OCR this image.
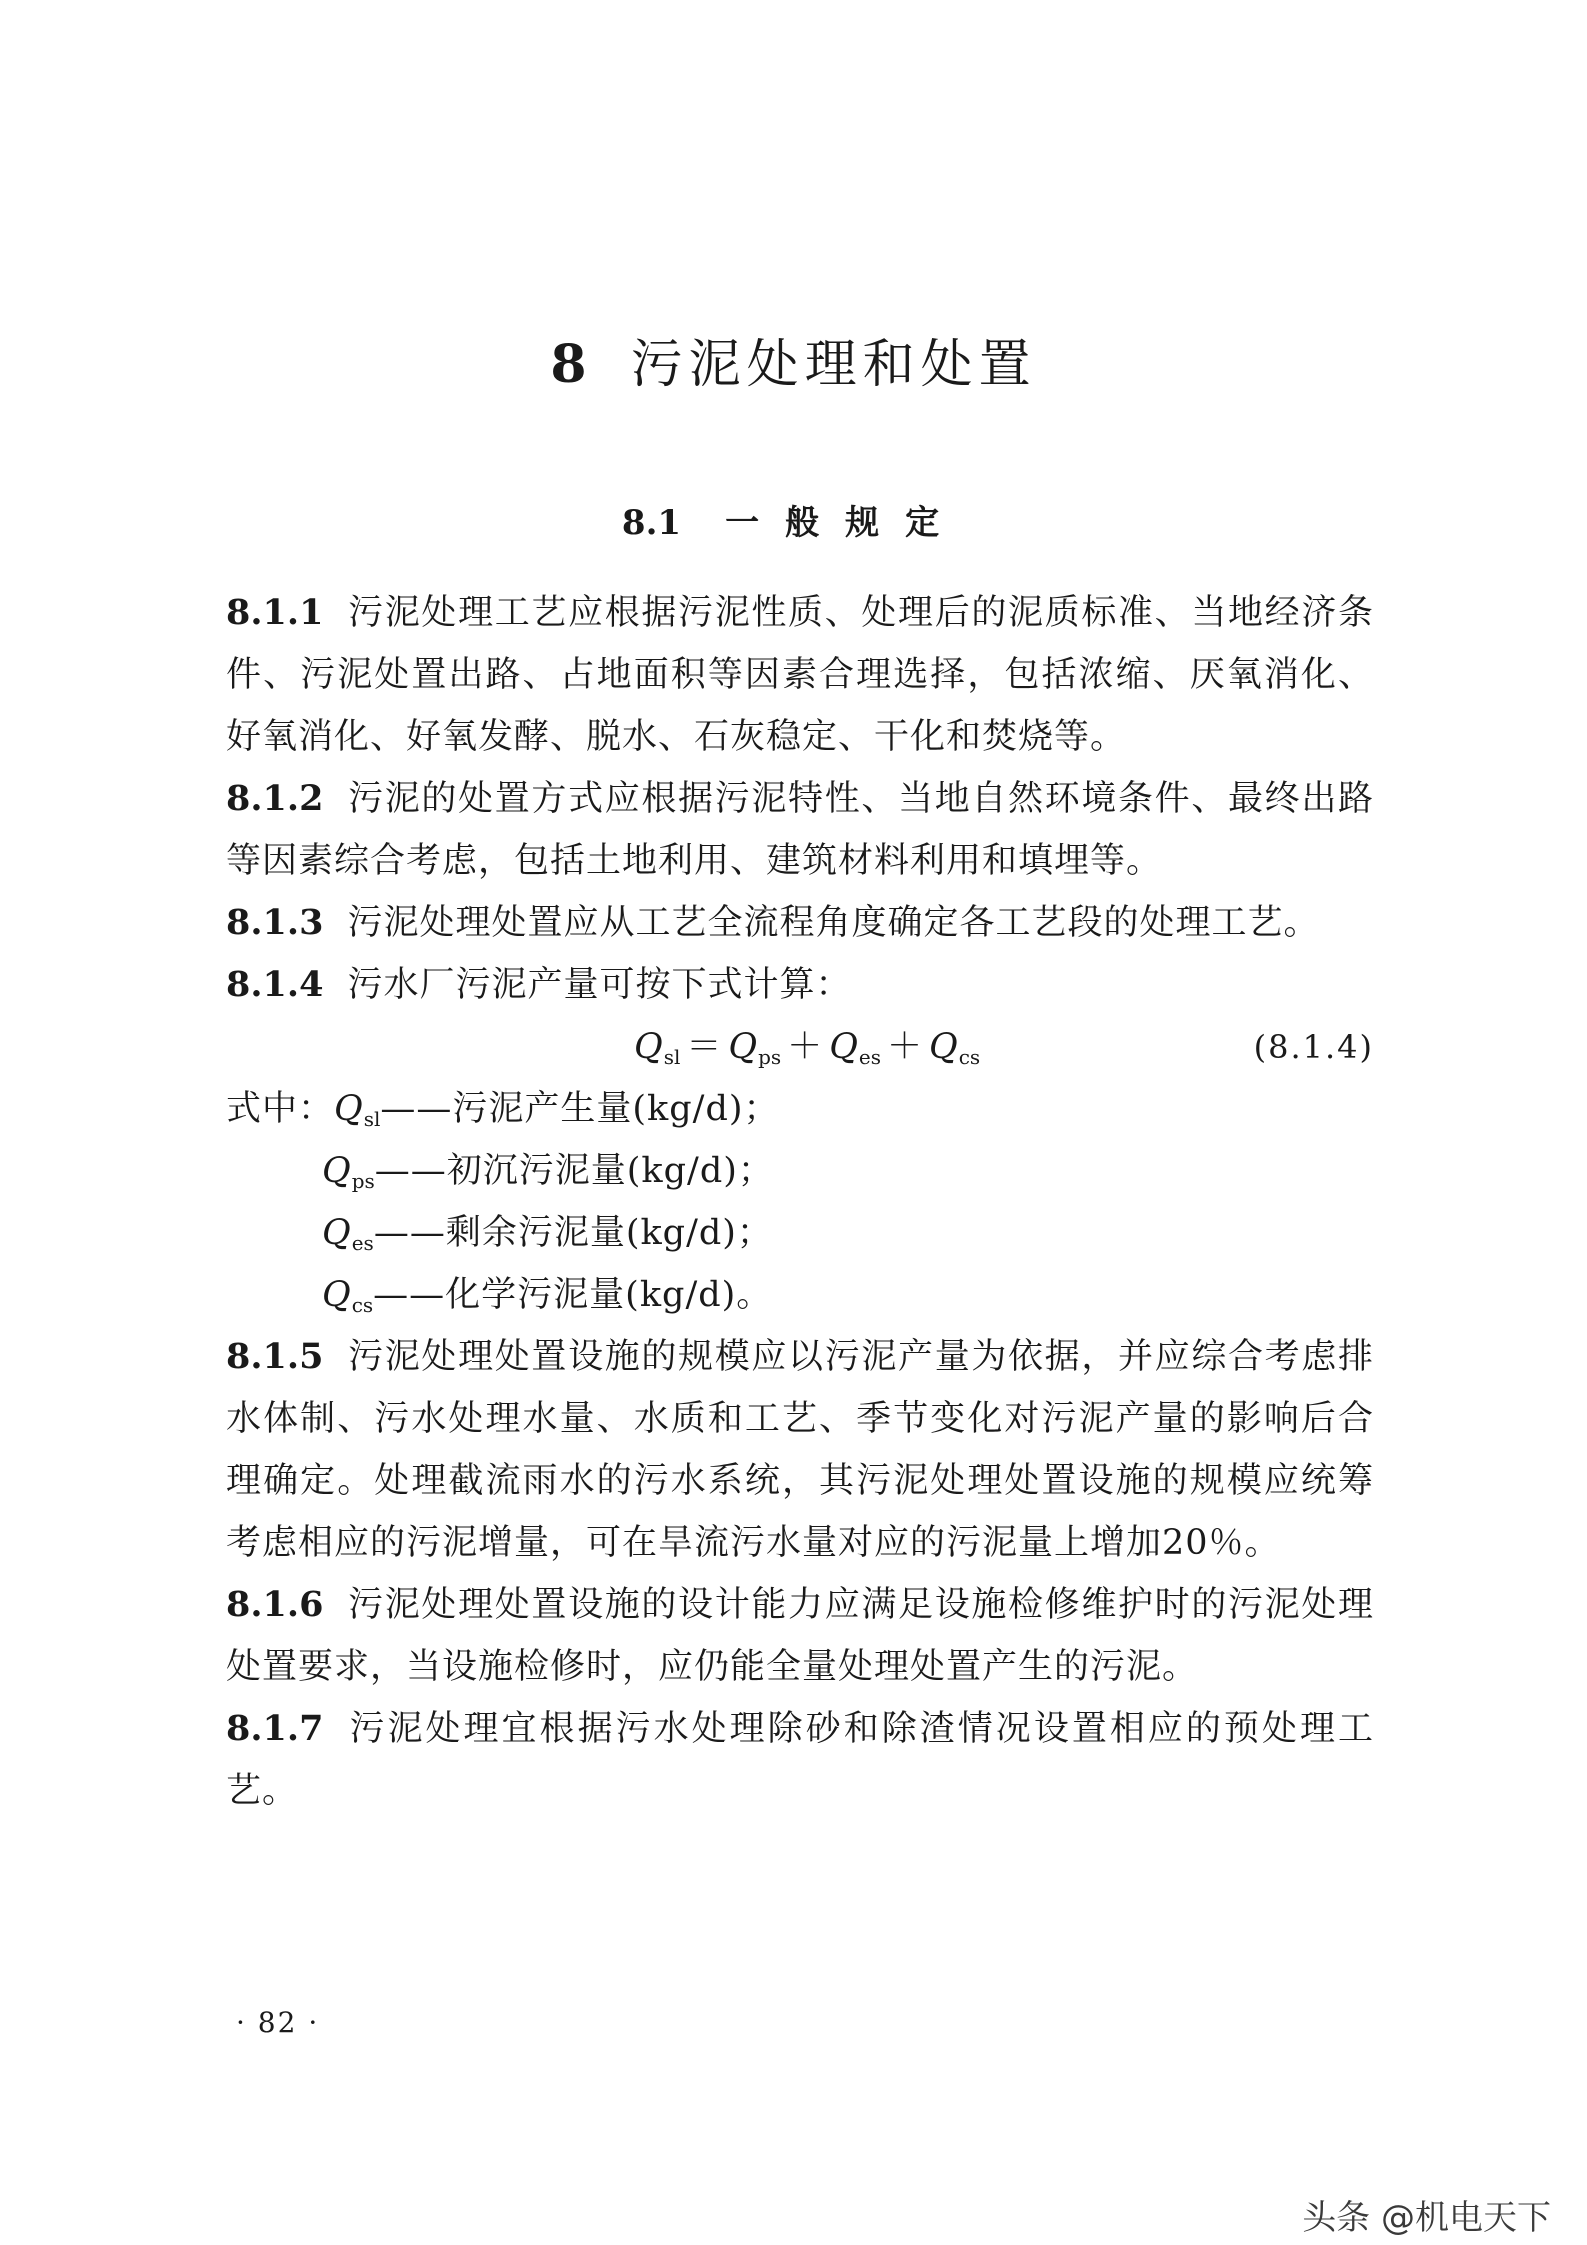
8 污泥处理和处置
8.1 一般规定

8.1.1 污泥处理工艺应根据污泥性质、处理后的泥质标准、当地经济条件、污泥处置出路、占地面积等因素合理选择，包括浓缩、厌氧消化、好氧消化、好氧发酵、脱水、石灰稳定、干化和焚烧等。

8.1.2 污泥的处置方式应根据污泥特性、当地自然环境条件、最终出路等因素综合考虑，包括土地利用、建筑材料利用和填埋等。

8.1.3 污泥处理处置应从工艺全流程角度确定各工艺段的处理工艺。

8.1.4 污水厂污泥产量可按下式计算：

$Q_{sl} = Q_{ps} + Q_{es} + Q_{cs}$	(8.1.4)

式中：$Q_{sl}——$污泥产生量(kg/d)；

$Q_{ps}——$初沉污泥量(kg/d)；

$Q_{es}——$剩余污泥量(kg/d)；

$Q_{cs}——$化学污泥量(kg/d)。

8.1.5 污泥处理处置设施的规模应以污泥产量为依据，并应综合考虑排水体制、污水处理水量、水质和工艺、季节变化对污泥产量的影响后合理确定。处理截流雨水的污水系统，其污泥处理处置设施的规模应统筹考虑相应的污泥增量，可在旱流污水量对应的污泥量上增加20％。

8.1.6 污泥处理处置设施的设计能力应满足设施检修维护时的污泥处理处置要求，当设施检修时，应仍能全量处理处置产生的污泥。

8.1.7 污泥处理宜根据污水处理除砂和除渣情况设置相应的预处理工艺。

· 82 ·
头条 @机电天下
